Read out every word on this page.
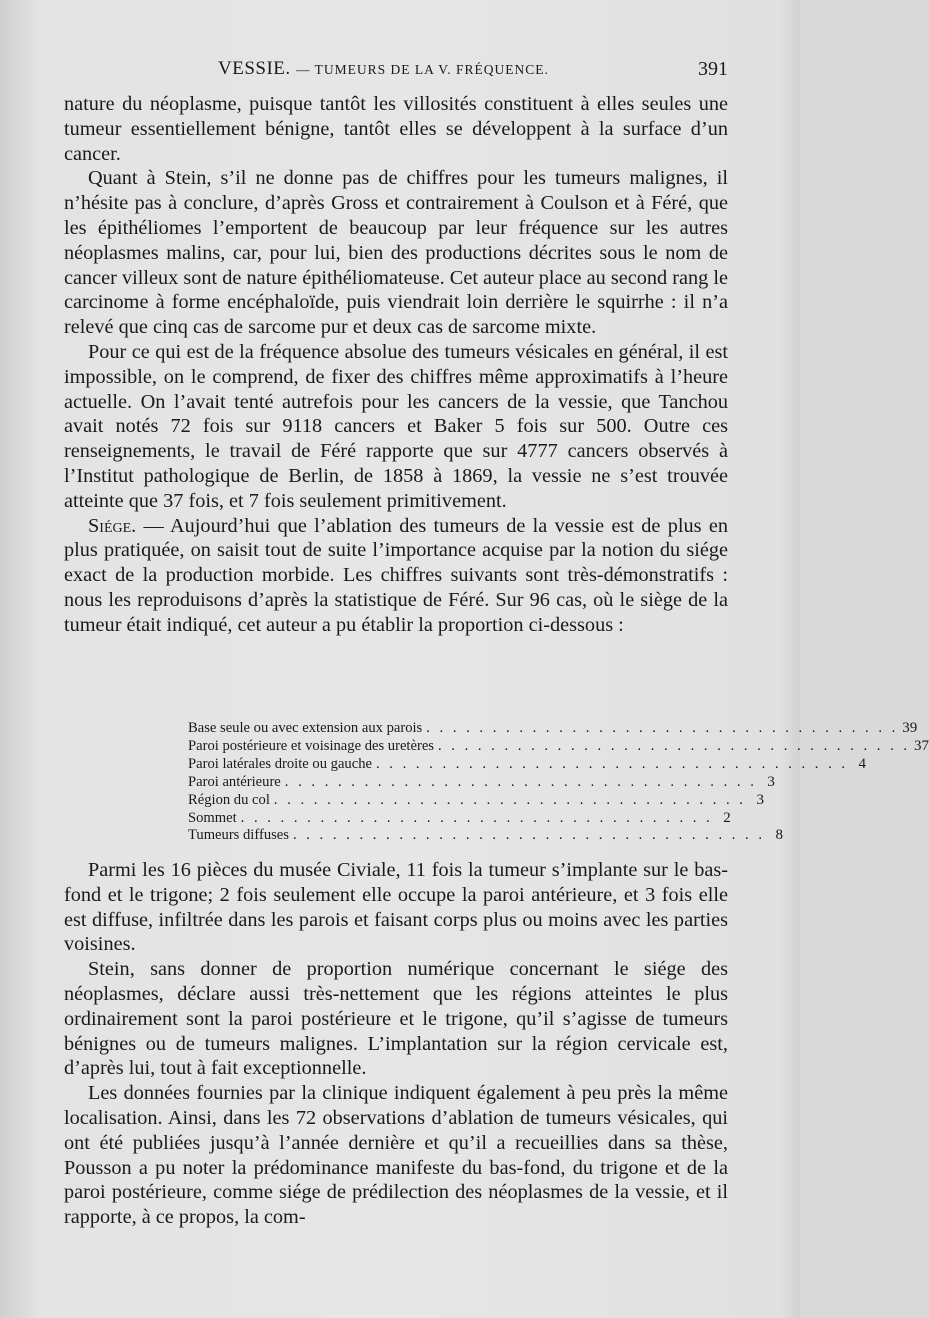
VESSIE. — TUMEURS DE LA V. FRÉQUENCE.	391

nature du néoplasme, puisque tantôt les villosités constituent à elles seules une tumeur essentiellement bénigne, tantôt elles se développent à la surface d’un cancer.

Quant à Stein, s’il ne donne pas de chiffres pour les tumeurs malignes, il n’hésite pas à conclure, d’après Gross et contrairement à Coulson et à Féré, que les épithéliomes l’emportent de beaucoup par leur fréquence sur les autres néoplasmes malins, car, pour lui, bien des productions décrites sous le nom de cancer villeux sont de nature épithéliomateuse. Cet auteur place au second rang le carcinome à forme encéphaloïde, puis viendrait loin derrière le squirrhe : il n’a relevé que cinq cas de sarcome pur et deux cas de sarcome mixte.

Pour ce qui est de la fréquence absolue des tumeurs vésicales en général, il est impossible, on le comprend, de fixer des chiffres même approximatifs à l’heure actuelle. On l’avait tenté autrefois pour les cancers de la vessie, que Tanchou avait notés 72 fois sur 9118 cancers et Baker 5 fois sur 500. Outre ces renseignements, le travail de Féré rapporte que sur 4777 cancers observés à l’Institut pathologique de Berlin, de 1858 à 1869, la vessie ne s’est trouvée atteinte que 37 fois, et 7 fois seulement primitivement.

Siége. — Aujourd’hui que l’ablation des tumeurs de la vessie est de plus en plus pratiquée, on saisit tout de suite l’importance acquise par la notion du siége exact de la production morbide. Les chiffres suivants sont très-démonstratifs : nous les reproduisons d’après la statistique de Féré. Sur 96 cas, où le siège de la tumeur était indiqué, cet auteur a pu établir la proportion ci-dessous :

Base seule ou avec extension aux parois . . . . . . . . . . . . . . . . . . . . . . . . . . . . . . . . . . . . 39
Paroi postérieure et voisinage des uretères . . . . . . . . . . . . . . . . . . . . . . . . . . . . . . . . . . . . 37
Paroi latérales droite ou gauche . . . . . . . . . . . . . . . . . . . . . . . . . . . . . . . . . . . . 4
Paroi antérieure . . . . . . . . . . . . . . . . . . . . . . . . . . . . . . . . . . . . 3
Région du col . . . . . . . . . . . . . . . . . . . . . . . . . . . . . . . . . . . . 3
Sommet . . . . . . . . . . . . . . . . . . . . . . . . . . . . . . . . . . . . 2
Tumeurs diffuses . . . . . . . . . . . . . . . . . . . . . . . . . . . . . . . . . . . . 8

Parmi les 16 pièces du musée Civiale, 11 fois la tumeur s’implante sur le bas-fond et le trigone; 2 fois seulement elle occupe la paroi antérieure, et 3 fois elle est diffuse, infiltrée dans les parois et faisant corps plus ou moins avec les parties voisines.

Stein, sans donner de proportion numérique concernant le siége des néoplasmes, déclare aussi très-nettement que les régions atteintes le plus ordinairement sont la paroi postérieure et le trigone, qu’il s’agisse de tumeurs bénignes ou de tumeurs malignes. L’implantation sur la région cervicale est, d’après lui, tout à fait exceptionnelle.

Les données fournies par la clinique indiquent également à peu près la même localisation. Ainsi, dans les 72 observations d’ablation de tumeurs vésicales, qui ont été publiées jusqu’à l’année dernière et qu’il a recueillies dans sa thèse, Pousson a pu noter la prédominance manifeste du bas-fond, du trigone et de la paroi postérieure, comme siége de prédilection des néoplasmes de la vessie, et il rapporte, à ce propos, la com-
